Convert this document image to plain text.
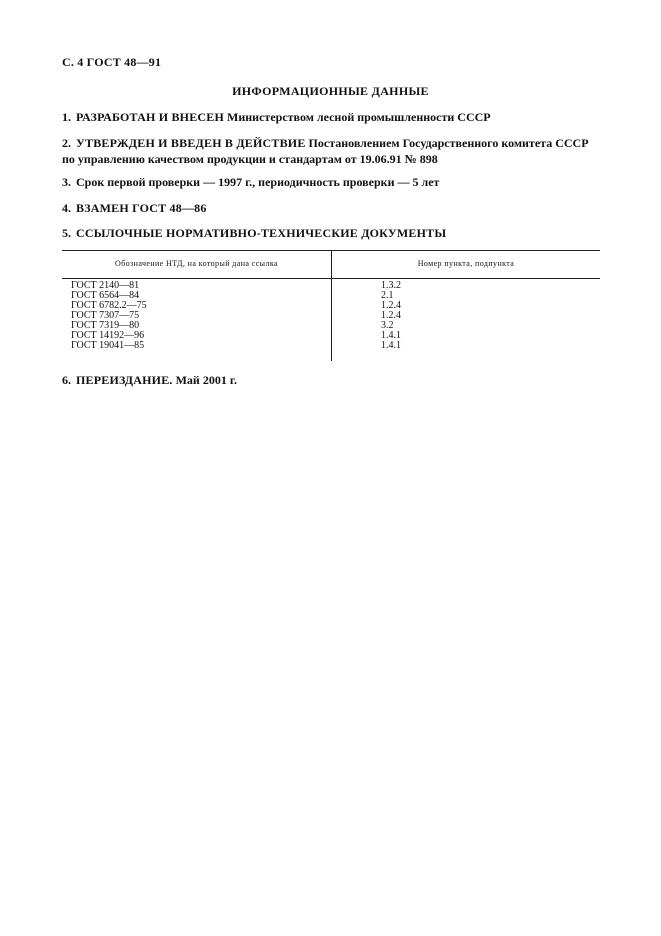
С. 4 ГОСТ 48—91
ИНФОРМАЦИОННЫЕ ДАННЫЕ
1. РАЗРАБОТАН И ВНЕСЕН Министерством лесной промышленности СССР
2. УТВЕРЖДЕН И ВВЕДЕН В ДЕЙСТВИЕ Постановлением Государственного комитета СССР по управлению качеством продукции и стандартам от 19.06.91 № 898
3. Срок первой проверки — 1997 г., периодичность проверки — 5 лет
4. ВЗАМЕН ГОСТ 48—86
5. ССЫЛОЧНЫЕ НОРМАТИВНО-ТЕХНИЧЕСКИЕ ДОКУМЕНТЫ
Обозначение НТД, на который дана ссылка	Номер пункта, подпункта
ГОСТ 2140—81
ГОСТ 6564—84
ГОСТ 6782.2—75
ГОСТ 7307—75
ГОСТ 7319—80
ГОСТ 14192—96
ГОСТ 19041—85
1.3.2
2.1
1.2.4
1.2.4
3.2
1.4.1
1.4.1
6. ПЕРЕИЗДАНИЕ. Май 2001 г.
